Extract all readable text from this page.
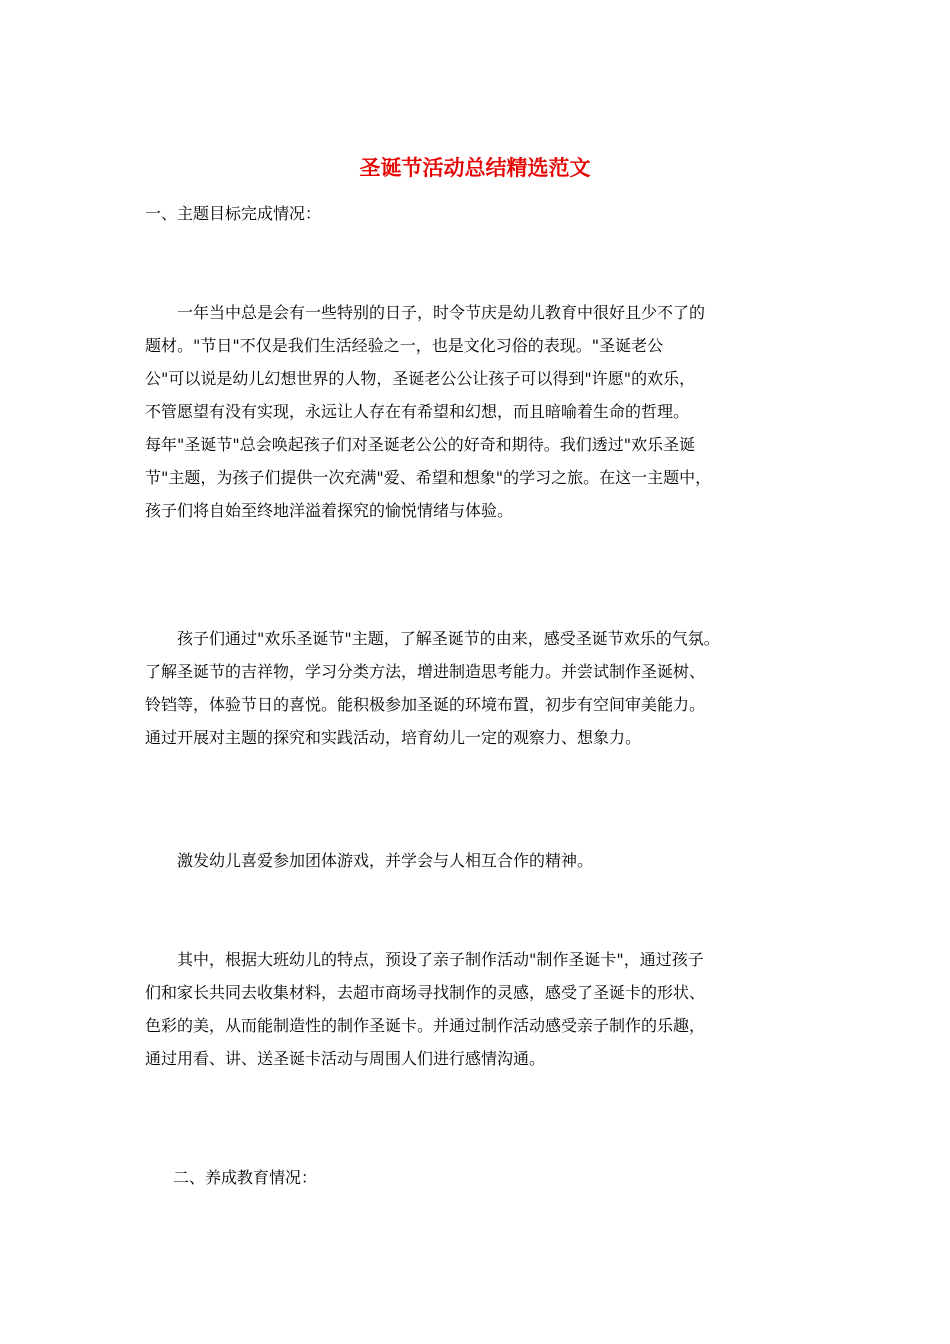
圣诞节活动总结精选范文
一、主题目标完成情况：
　　一年当中总是会有一些特别的日子，时令节庆是幼儿教育中很好且少不了的
题材。"节日"不仅是我们生活经验之一，也是文化习俗的表现。"圣诞老公
公"可以说是幼儿幻想世界的人物，圣诞老公公让孩子可以得到"许愿"的欢乐，
不管愿望有没有实现，永远让人存在有希望和幻想，而且暗喻着生命的哲理。
每年"圣诞节"总会唤起孩子们对圣诞老公公的好奇和期待。我们透过"欢乐圣诞
节"主题，为孩子们提供一次充满"爱、希望和想象"的学习之旅。在这一主题中，
孩子们将自始至终地洋溢着探究的愉悦情绪与体验。
　　孩子们通过"欢乐圣诞节"主题，了解圣诞节的由来，感受圣诞节欢乐的气氛。
了解圣诞节的吉祥物，学习分类方法，增进制造思考能力。并尝试制作圣诞树、
铃铛等，体验节日的喜悦。能积极参加圣诞的环境布置，初步有空间审美能力。
通过开展对主题的探究和实践活动，培育幼儿一定的观察力、想象力。
　　激发幼儿喜爱参加团体游戏，并学会与人相互合作的精神。
　　其中，根据大班幼儿的特点，预设了亲子制作活动"制作圣诞卡"，通过孩子
们和家长共同去收集材料，去超市商场寻找制作的灵感，感受了圣诞卡的形状、
色彩的美，从而能制造性的制作圣诞卡。并通过制作活动感受亲子制作的乐趣，
通过用看、讲、送圣诞卡活动与周围人们进行感情沟通。
二、养成教育情况：
